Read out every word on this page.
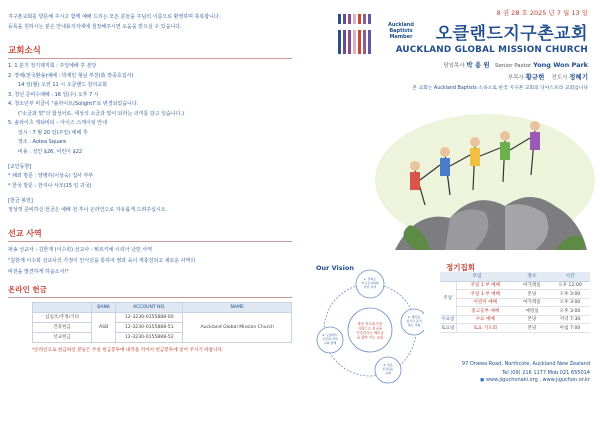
지구촌교회를 방문해 주시고 함께 예배 드리는 모든 분들을 주님의 이름으로 환영하며 축복합니다.
등록을 원하시는 분은 안내용지지에에 철장해주시면 도움을 받으실 수 있습니다.
교회소식
1. 1 분기 정기제직회 : 주일예배 후 본당
2. 장례(천국환송)예배 : 박재민 형님 부친(故 박종호집사)
14 일(월) 오전 11 시 오클랜드 감리교회
3. 청년 준비수례배 : 16 일(수) 오후 7 시
4. 청소년부 미클이 "솔라이트(Solight)"로 변경되었습니다.
("소금과 빛"의 합성어로, 세상의 소금과 빛이 되라는 의미를 담고 있습니다.)
5. 솔라이츠 액티비티 – 아이스 스케이팅 안내
일시 : 7 월 20 일(주일) 예배 후
장소 : Aotea Square
비용 : 성인 $26, 어린이 $22
[교인동향]
* 해외 방문 : 양병하(이상숙) 집사 부부
* 한국 방문 : 한지나 사모(15 일 귀국)
[헌금 봉헌]
정성껏 준비하신 헌금은 예배 전 후나 온라인으로 자유롭게 드려주십시오.
선교 사역
파송 선교사 : 김한재 (이수희) 선교사 - 튀르키예 시리아 난민 사역
"김한재 이수희 선교사의 가정이 안식년을 통하여 영과 육이 재충전되고 새로운 사역의
비전을 발견하게 하옵소서!"
온라인 헌금
	BANK	ACCOUNT NO.	NAME
십일조/주정/기타	ASB	12-3230-0155888-00	Auckland Global Mission Church
건축헌금		12-3230-0155888-51	
선교헌금		12-3230-0155888-52	
*온라인으로 헌금하신 분들은 주일 헌금봉투에 내역을 적어서 헌금봉투에 넣어 주시기 바랍니다.
Auckland
Baptists
Member
8 권 28 호 2025 년 7 월 13 일
오클랜드지구촌교회
AUCKLAND GLOBAL MISSION CHURCH
담임목사 박 용 원 Senior Pastor Yong Won Park
부목사 황규현 전도사 정혜기
본 교회는 Auckland Baptists 소속으로 한국 지구촌 교회의 디아스포라 교회입니다
Our Vision
복음 전도와 이웃
사랑으로 천국을
이루어가는 예수님
을 닮아 가는 교회
1. 전파는
지구촌교회의
비전 목적
2. 세상을
섬기고 증거
하는 교회
3. 복음
선교하는
교회
4. 오클랜드
교민과 지역
교회 관계
정기집회
모임		장소	시간
주일	주일 1 부 예배	마가레롬	오후 12:00
	주일 1 부 예배	본당	오후 3:00
	어린이 예배	마가레롬	오후 3:00
	중고등부 예배	예명실	오후 3:00
수요일	수요 예배	본당	저녁 7:30
토요일	토요 기도회	본당	아침 7:00
97 Onewa Road, Northcote, Auckland New Zealand
Tel (09) 216 1177 Mob 021 655014
● www.jiguchonaki.org , www.jiguchon.or.kr
